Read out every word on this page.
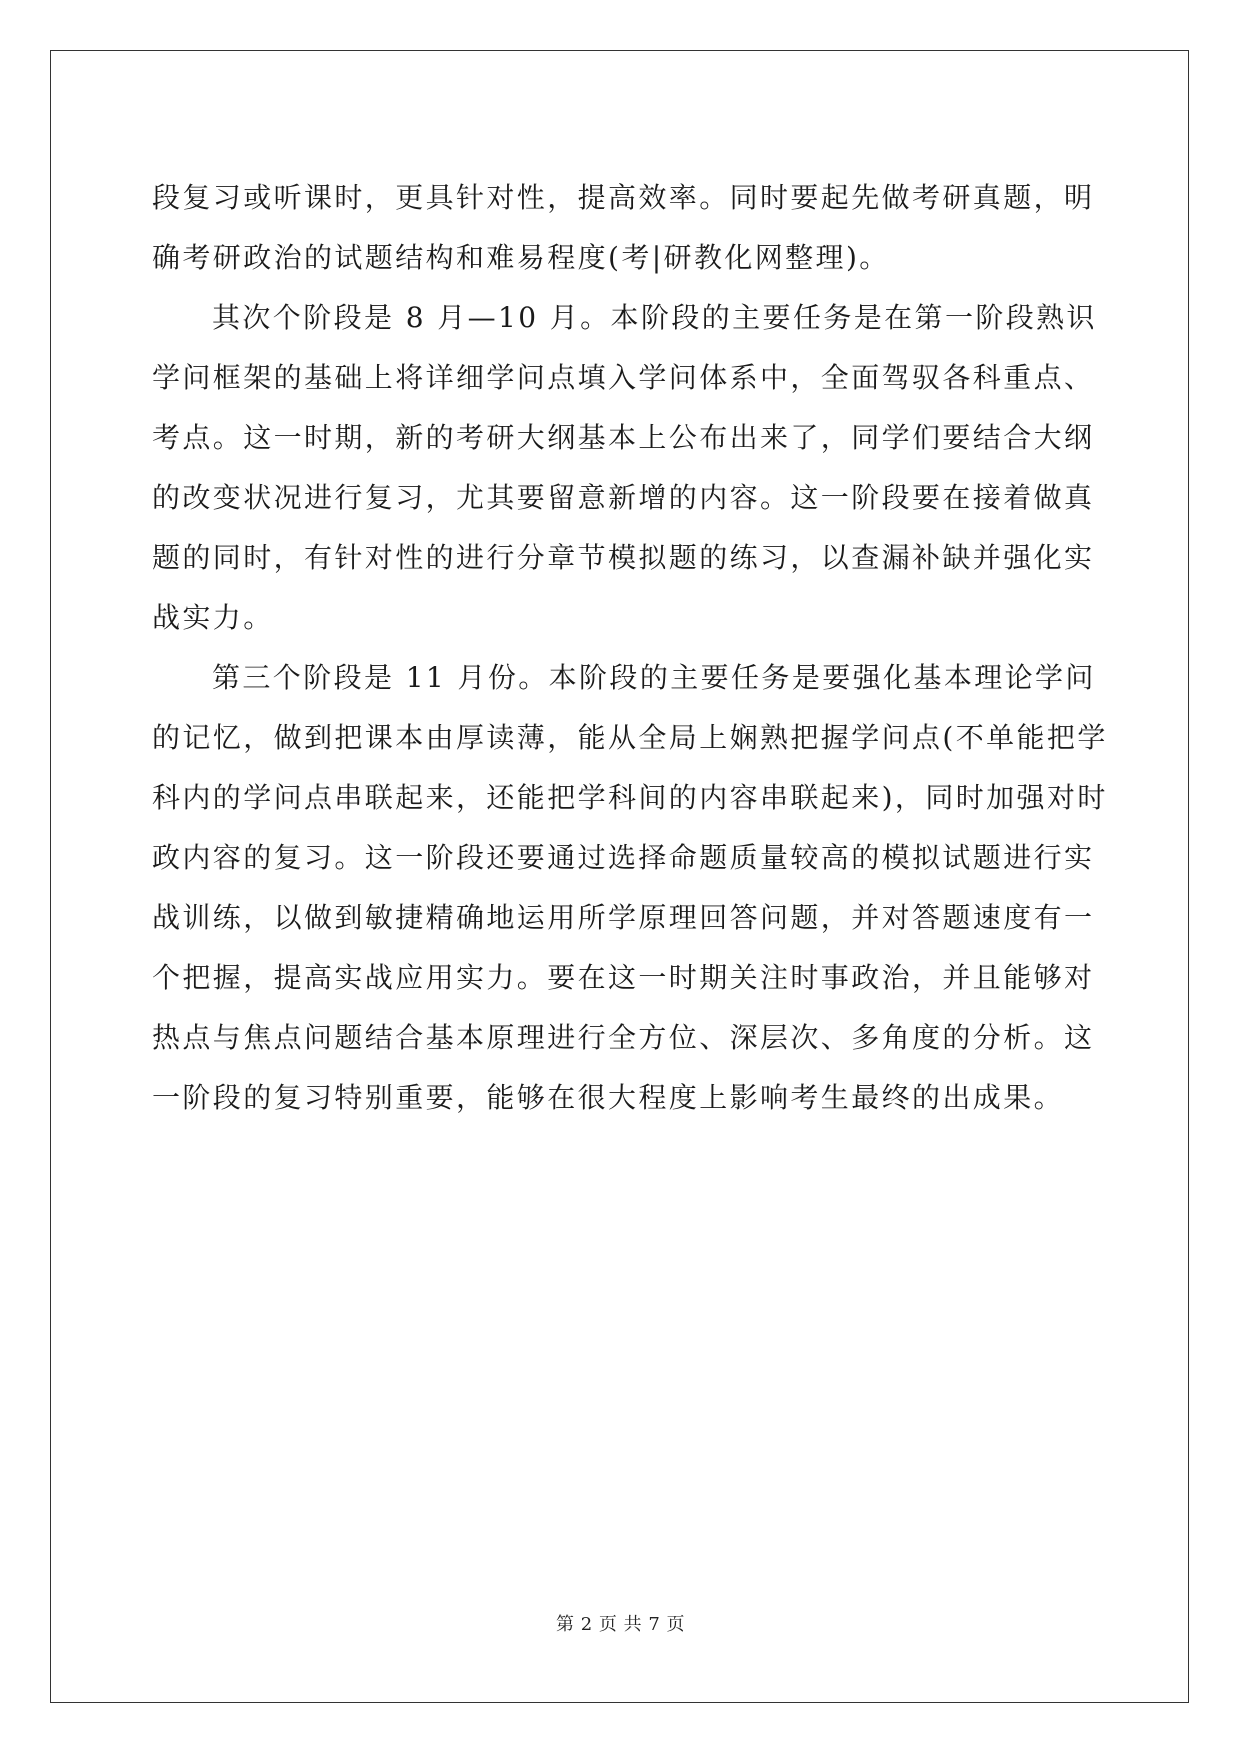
段复习或听课时，更具针对性，提高效率。同时要起先做考研真题，明确考研政治的试题结构和难易程度(考|研教化网整理)。

其次个阶段是 8 月—10 月。本阶段的主要任务是在第一阶段熟识学问框架的基础上将详细学问点填入学问体系中，全面驾驭各科重点、考点。这一时期，新的考研大纲基本上公布出来了，同学们要结合大纲的改变状况进行复习，尤其要留意新增的内容。这一阶段要在接着做真题的同时，有针对性的进行分章节模拟题的练习，以查漏补缺并强化实战实力。

第三个阶段是 11 月份。本阶段的主要任务是要强化基本理论学问的记忆，做到把课本由厚读薄，能从全局上娴熟把握学问点(不单能把学科内的学问点串联起来，还能把学科间的内容串联起来)，同时加强对时政内容的复习。这一阶段还要通过选择命题质量较高的模拟试题进行实战训练，以做到敏捷精确地运用所学原理回答问题，并对答题速度有一个把握，提高实战应用实力。要在这一时期关注时事政治，并且能够对热点与焦点问题结合基本原理进行全方位、深层次、多角度的分析。这一阶段的复习特别重要，能够在很大程度上影响考生最终的出成果。

第 2 页 共 7 页
